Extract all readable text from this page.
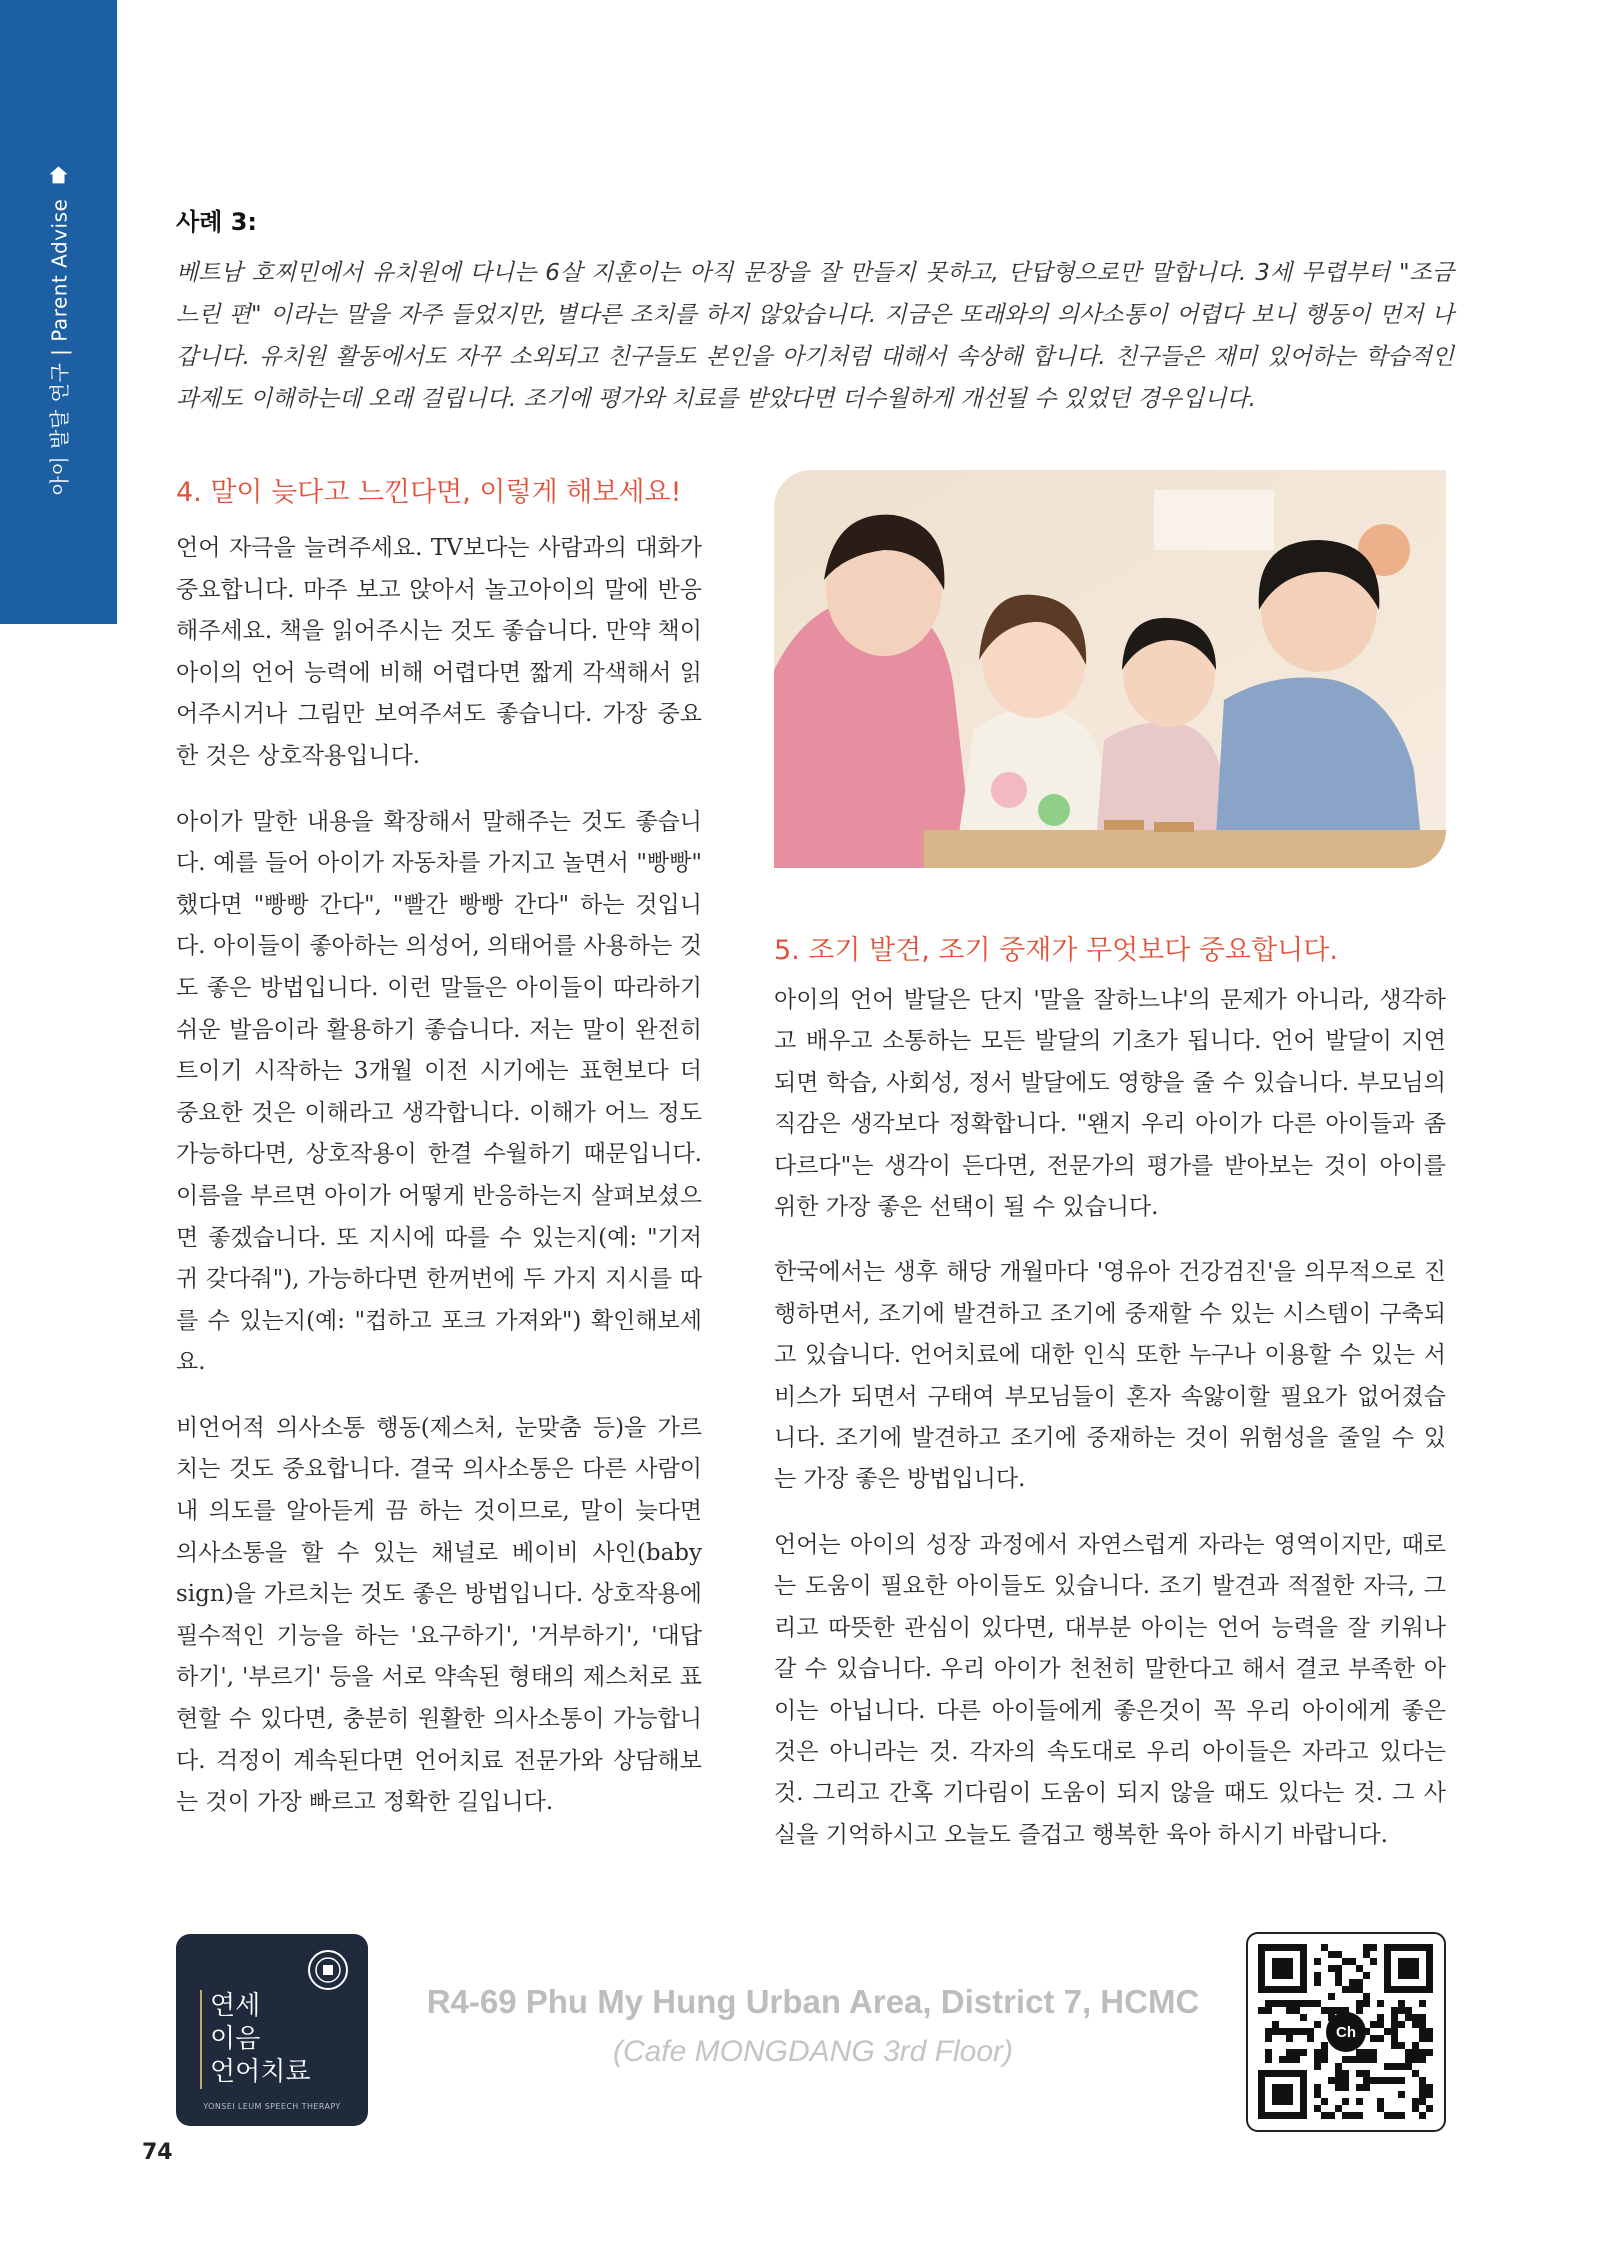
아이 발달 연구 | Parent Advise	사례 3:

베트남 호찌민에서 유치원에 다니는 6살 지훈이는 아직 문장을 잘 만들지 못하고, 단답형으로만 말합니다. 3세 무렵부터 "조금 느린 편" 이라는 말을 자주 들었지만, 별다른 조치를 하지 않았습니다. 지금은 또래와의 의사소통이 어렵다 보니 행동이 먼저 나갑니다. 유치원 활동에서도 자꾸 소외되고 친구들도 본인을 아기처럼 대해서 속상해 합니다. 친구들은 재미 있어하는 학습적인 과제도 이해하는데 오래 걸립니다. 조기에 평가와 치료를 받았다면 더수월하게 개선될 수 있었던 경우입니다.

4. 말이 늦다고 느낀다면, 이렇게 해보세요!

언어 자극을 늘려주세요. TV보다는 사람과의 대화가 중요합니다. 마주 보고 앉아서 놀고아이의 말에 반응해주세요. 책을 읽어주시는 것도 좋습니다. 만약 책이 아이의 언어 능력에 비해 어렵다면 짧게 각색해서 읽어주시거나 그림만 보여주셔도 좋습니다. 가장 중요한 것은 상호작용입니다.

아이가 말한 내용을 확장해서 말해주는 것도 좋습니다. 예를 들어 아이가 자동차를 가지고 놀면서 "빵빵" 했다면 "빵빵 간다", "빨간 빵빵 간다" 하는 것입니다. 아이들이 좋아하는 의성어, 의태어를 사용하는 것도 좋은 방법입니다. 이런 말들은 아이들이 따라하기 쉬운 발음이라 활용하기 좋습니다. 저는 말이 완전히 트이기 시작하는 3개월 이전 시기에는 표현보다 더 중요한 것은 이해라고 생각합니다. 이해가 어느 정도 가능하다면, 상호작용이 한결 수월하기 때문입니다. 이름을 부르면 아이가 어떻게 반응하는지 살펴보셨으면 좋겠습니다. 또 지시에 따를 수 있는지(예: "기저귀 갖다줘"), 가능하다면 한꺼번에 두 가지 지시를 따를 수 있는지(예: "컵하고 포크 가져와") 확인해보세요.

비언어적 의사소통 행동(제스처, 눈맞춤 등)을 가르치는 것도 중요합니다. 결국 의사소통은 다른 사람이 내 의도를 알아듣게 끔 하는 것이므로, 말이 늦다면 의사소통을 할 수 있는 채널로 베이비 사인(baby sign)을 가르치는 것도 좋은 방법입니다. 상호작용에 필수적인 기능을 하는 '요구하기', '거부하기', '대답하기', '부르기' 등을 서로 약속된 형태의 제스처로 표현할 수 있다면, 충분히 원활한 의사소통이 가능합니다. 걱정이 계속된다면 언어치료 전문가와 상담해보는 것이 가장 빠르고 정확한 길입니다.

5. 조기 발견, 조기 중재가 무엇보다 중요합니다.

아이의 언어 발달은 단지 '말을 잘하느냐'의 문제가 아니라, 생각하고 배우고 소통하는 모든 발달의 기초가 됩니다. 언어 발달이 지연되면 학습, 사회성, 정서 발달에도 영향을 줄 수 있습니다. 부모님의 직감은 생각보다 정확합니다. "왠지 우리 아이가 다른 아이들과 좀 다르다"는 생각이 든다면, 전문가의 평가를 받아보는 것이 아이를 위한 가장 좋은 선택이 될 수 있습니다.

한국에서는 생후 해당 개월마다 '영유아 건강검진'을 의무적으로 진행하면서, 조기에 발견하고 조기에 중재할 수 있는 시스템이 구축되고 있습니다. 언어치료에 대한 인식 또한 누구나 이용할 수 있는 서비스가 되면서 구태여 부모님들이 혼자 속앓이할 필요가 없어졌습니다. 조기에 발견하고 조기에 중재하는 것이 위험성을 줄일 수 있는 가장 좋은 방법입니다.

언어는 아이의 성장 과정에서 자연스럽게 자라는 영역이지만, 때로는 도움이 필요한 아이들도 있습니다. 조기 발견과 적절한 자극, 그리고 따뜻한 관심이 있다면, 대부분 아이는 언어 능력을 잘 키워나갈 수 있습니다. 우리 아이가 천천히 말한다고 해서 결코 부족한 아이는 아닙니다. 다른 아이들에게 좋은것이 꼭 우리 아이에게 좋은 것은 아니라는 것. 각자의 속도대로 우리 아이들은 자라고 있다는 것. 그리고 간혹 기다림이 도움이 되지 않을 때도 있다는 것. 그 사실을 기억하시고 오늘도 즐겁고 행복한 육아 하시기 바랍니다.

연세
이음
언어치료
YONSEI LEUM SPEECH THERAPY
R4-69 Phu My Hung Urban Area, District 7, HCMC
(Cafe MONGDANG 3rd Floor)
Ch
74
